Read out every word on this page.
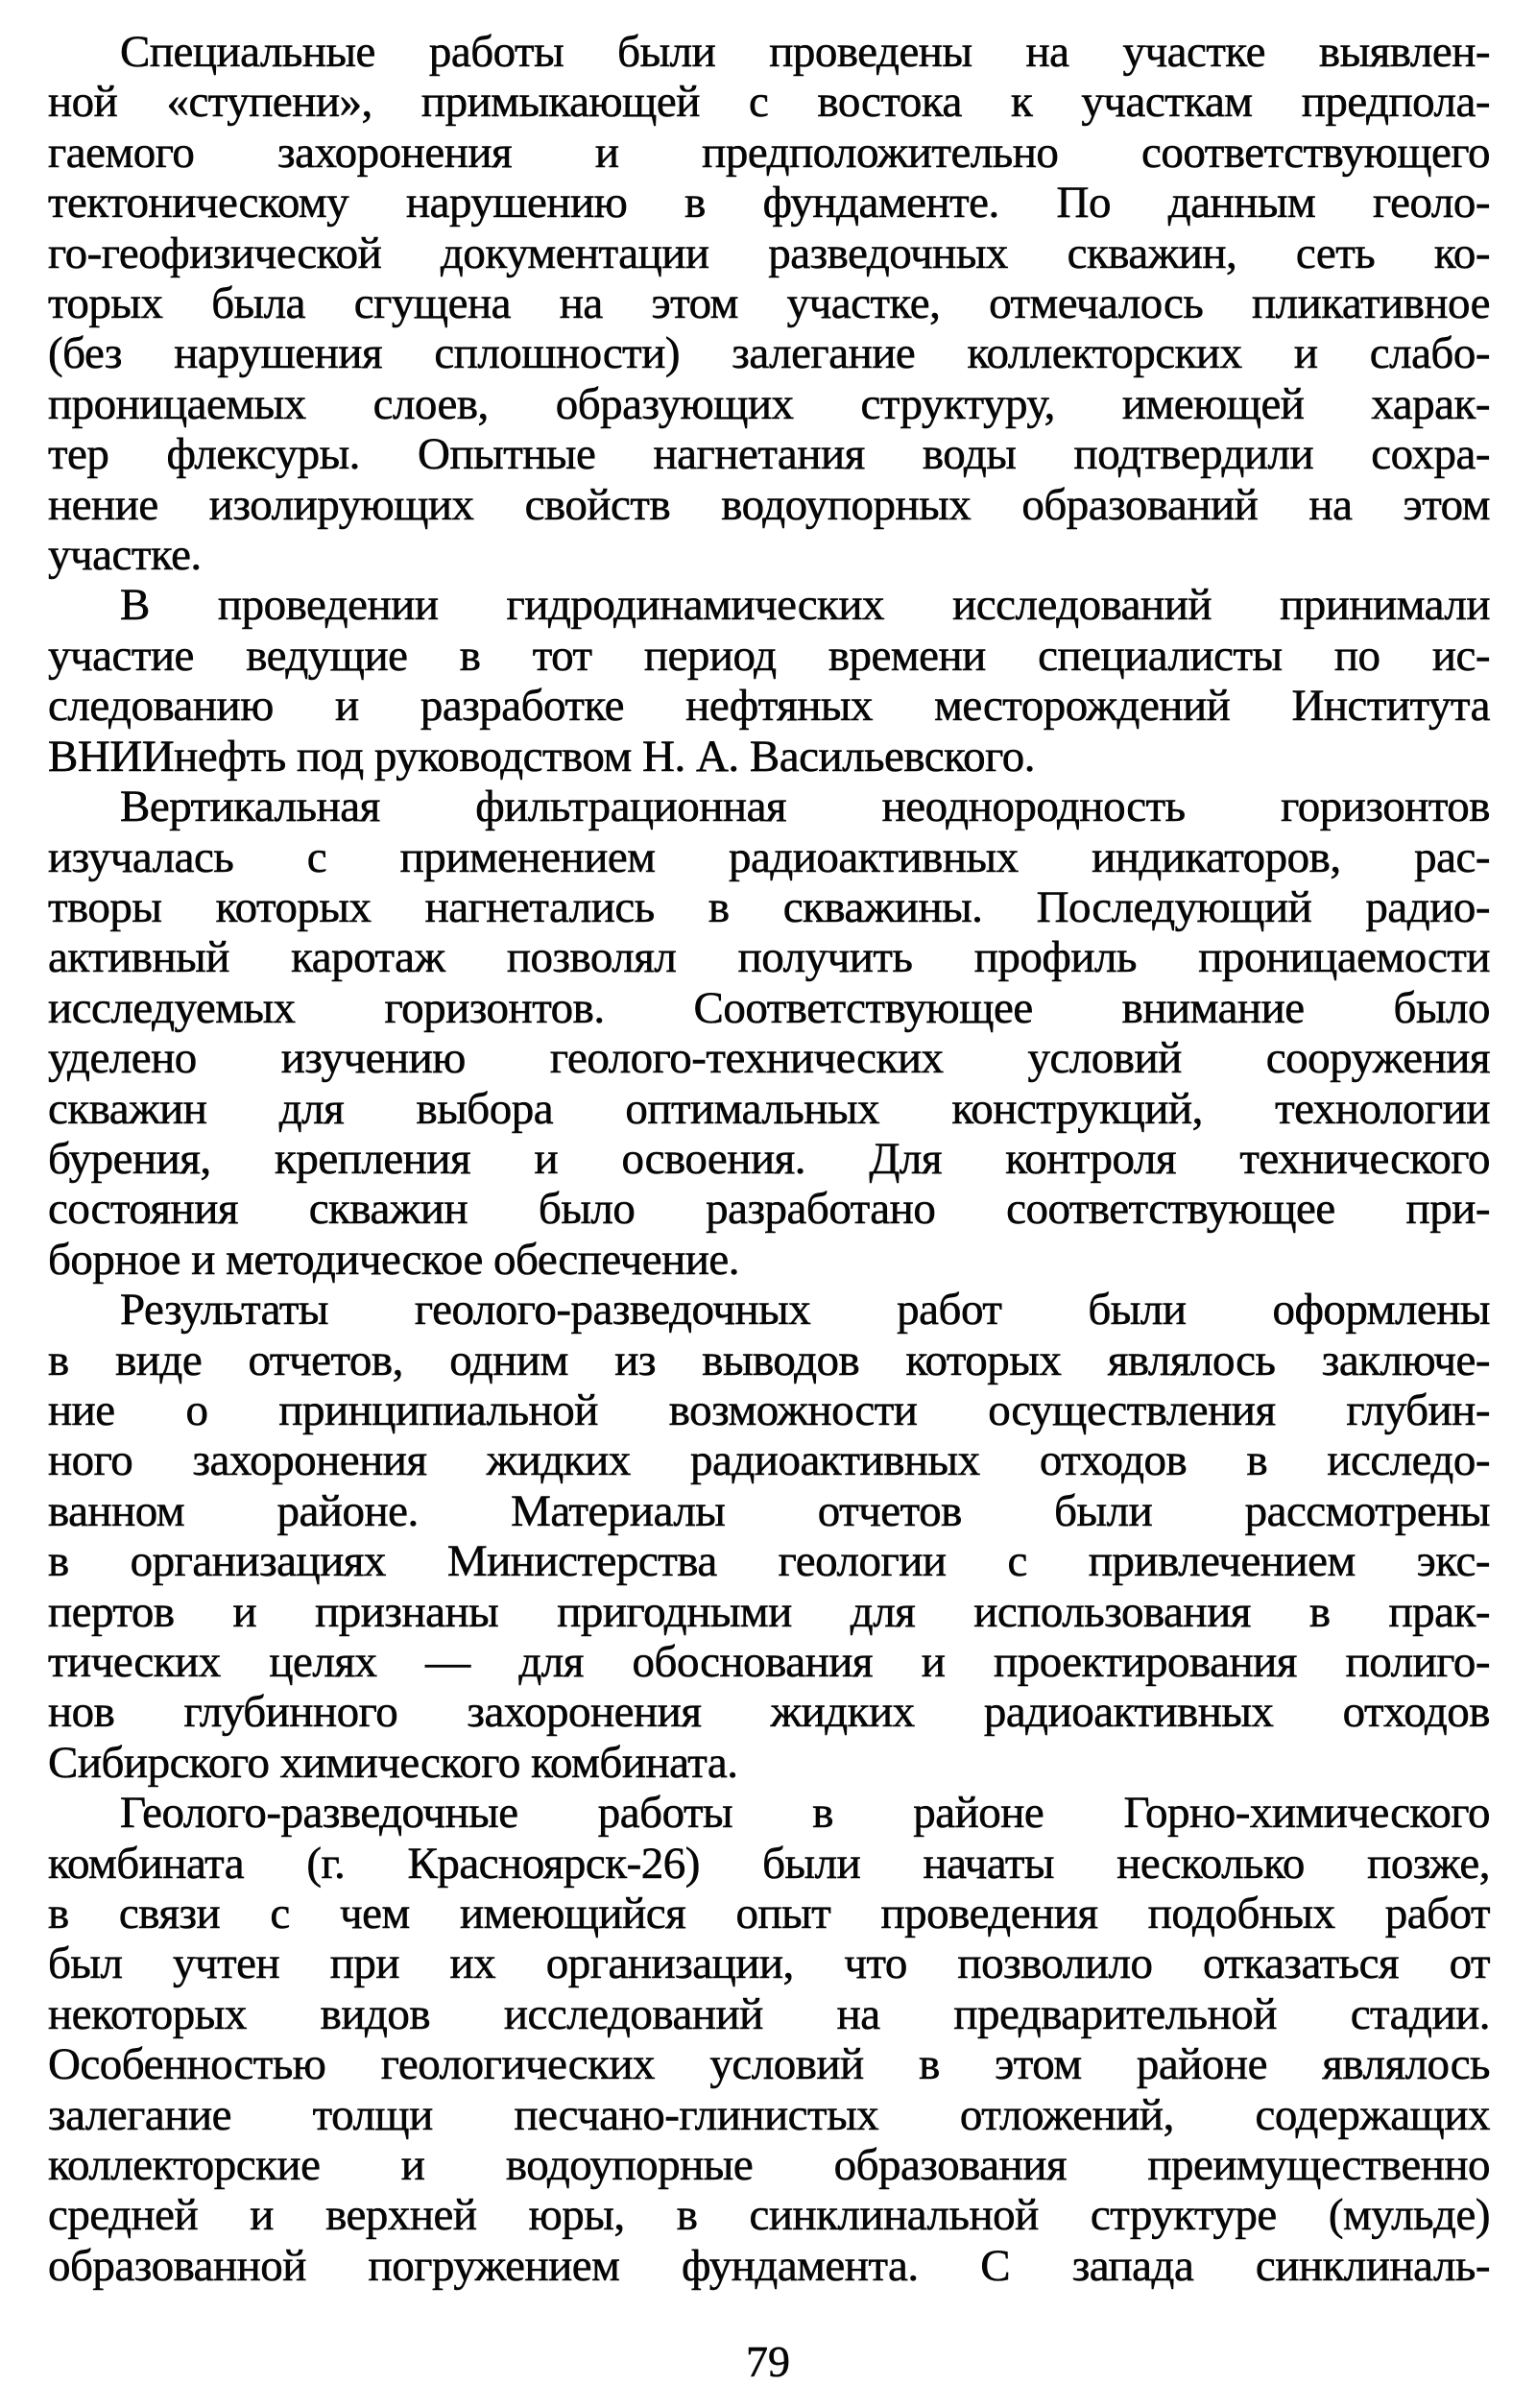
Специальные работы были проведены на участке выявлен-
ной «ступени», примыкающей с востока к участкам предпола-
гаемого захоронения и предположительно соответствующего
тектоническому нарушению в фундаменте. По данным геоло-
го-геофизической документации разведочных скважин, сеть ко-
торых была сгущена на этом участке, отмечалось пликативное
(без нарушения сплошности) залегание коллекторских и слабо-
проницаемых слоев, образующих структуру, имеющей харак-
тер флексуры. Опытные нагнетания воды подтвердили сохра-
нение изолирующих свойств водоупорных образований на этом
участке.
В проведении гидродинамических исследований принимали
участие ведущие в тот период времени специалисты по ис-
следованию и разработке нефтяных месторождений Института
ВНИИнефть под руководством Н. А. Васильевского.
Вертикальная фильтрационная неоднородность горизонтов
изучалась с применением радиоактивных индикаторов, рас-
творы которых нагнетались в скважины. Последующий радио-
активный каротаж позволял получить профиль проницаемости
исследуемых горизонтов. Соответствующее внимание было
уделено изучению геолого-технических условий сооружения
скважин для выбора оптимальных конструкций, технологии
бурения, крепления и освоения. Для контроля технического
состояния скважин было разработано соответствующее при-
борное и методическое обеспечение.
Результаты геолого-разведочных работ были оформлены
в виде отчетов, одним из выводов которых являлось заключе-
ние о принципиальной возможности осуществления глубин-
ного захоронения жидких радиоактивных отходов в исследо-
ванном районе. Материалы отчетов были рассмотрены
в организациях Министерства геологии с привлечением экс-
пертов и признаны пригодными для использования в прак-
тических целях — для обоснования и проектирования полиго-
нов глубинного захоронения жидких радиоактивных отходов
Сибирского химического комбината.
Геолого-разведочные работы в районе Горно-химического
комбината (г. Красноярск-26) были начаты несколько позже,
в связи с чем имеющийся опыт проведения подобных работ
был учтен при их организации, что позволило отказаться от
некоторых видов исследований на предварительной стадии.
Особенностью геологических условий в этом районе являлось
залегание толщи песчано-глинистых отложений, содержащих
коллекторские и водоупорные образования преимущественно
средней и верхней юры, в синклинальной структуре (мульде)
образованной погружением фундамента. С запада синклиналь-
79
